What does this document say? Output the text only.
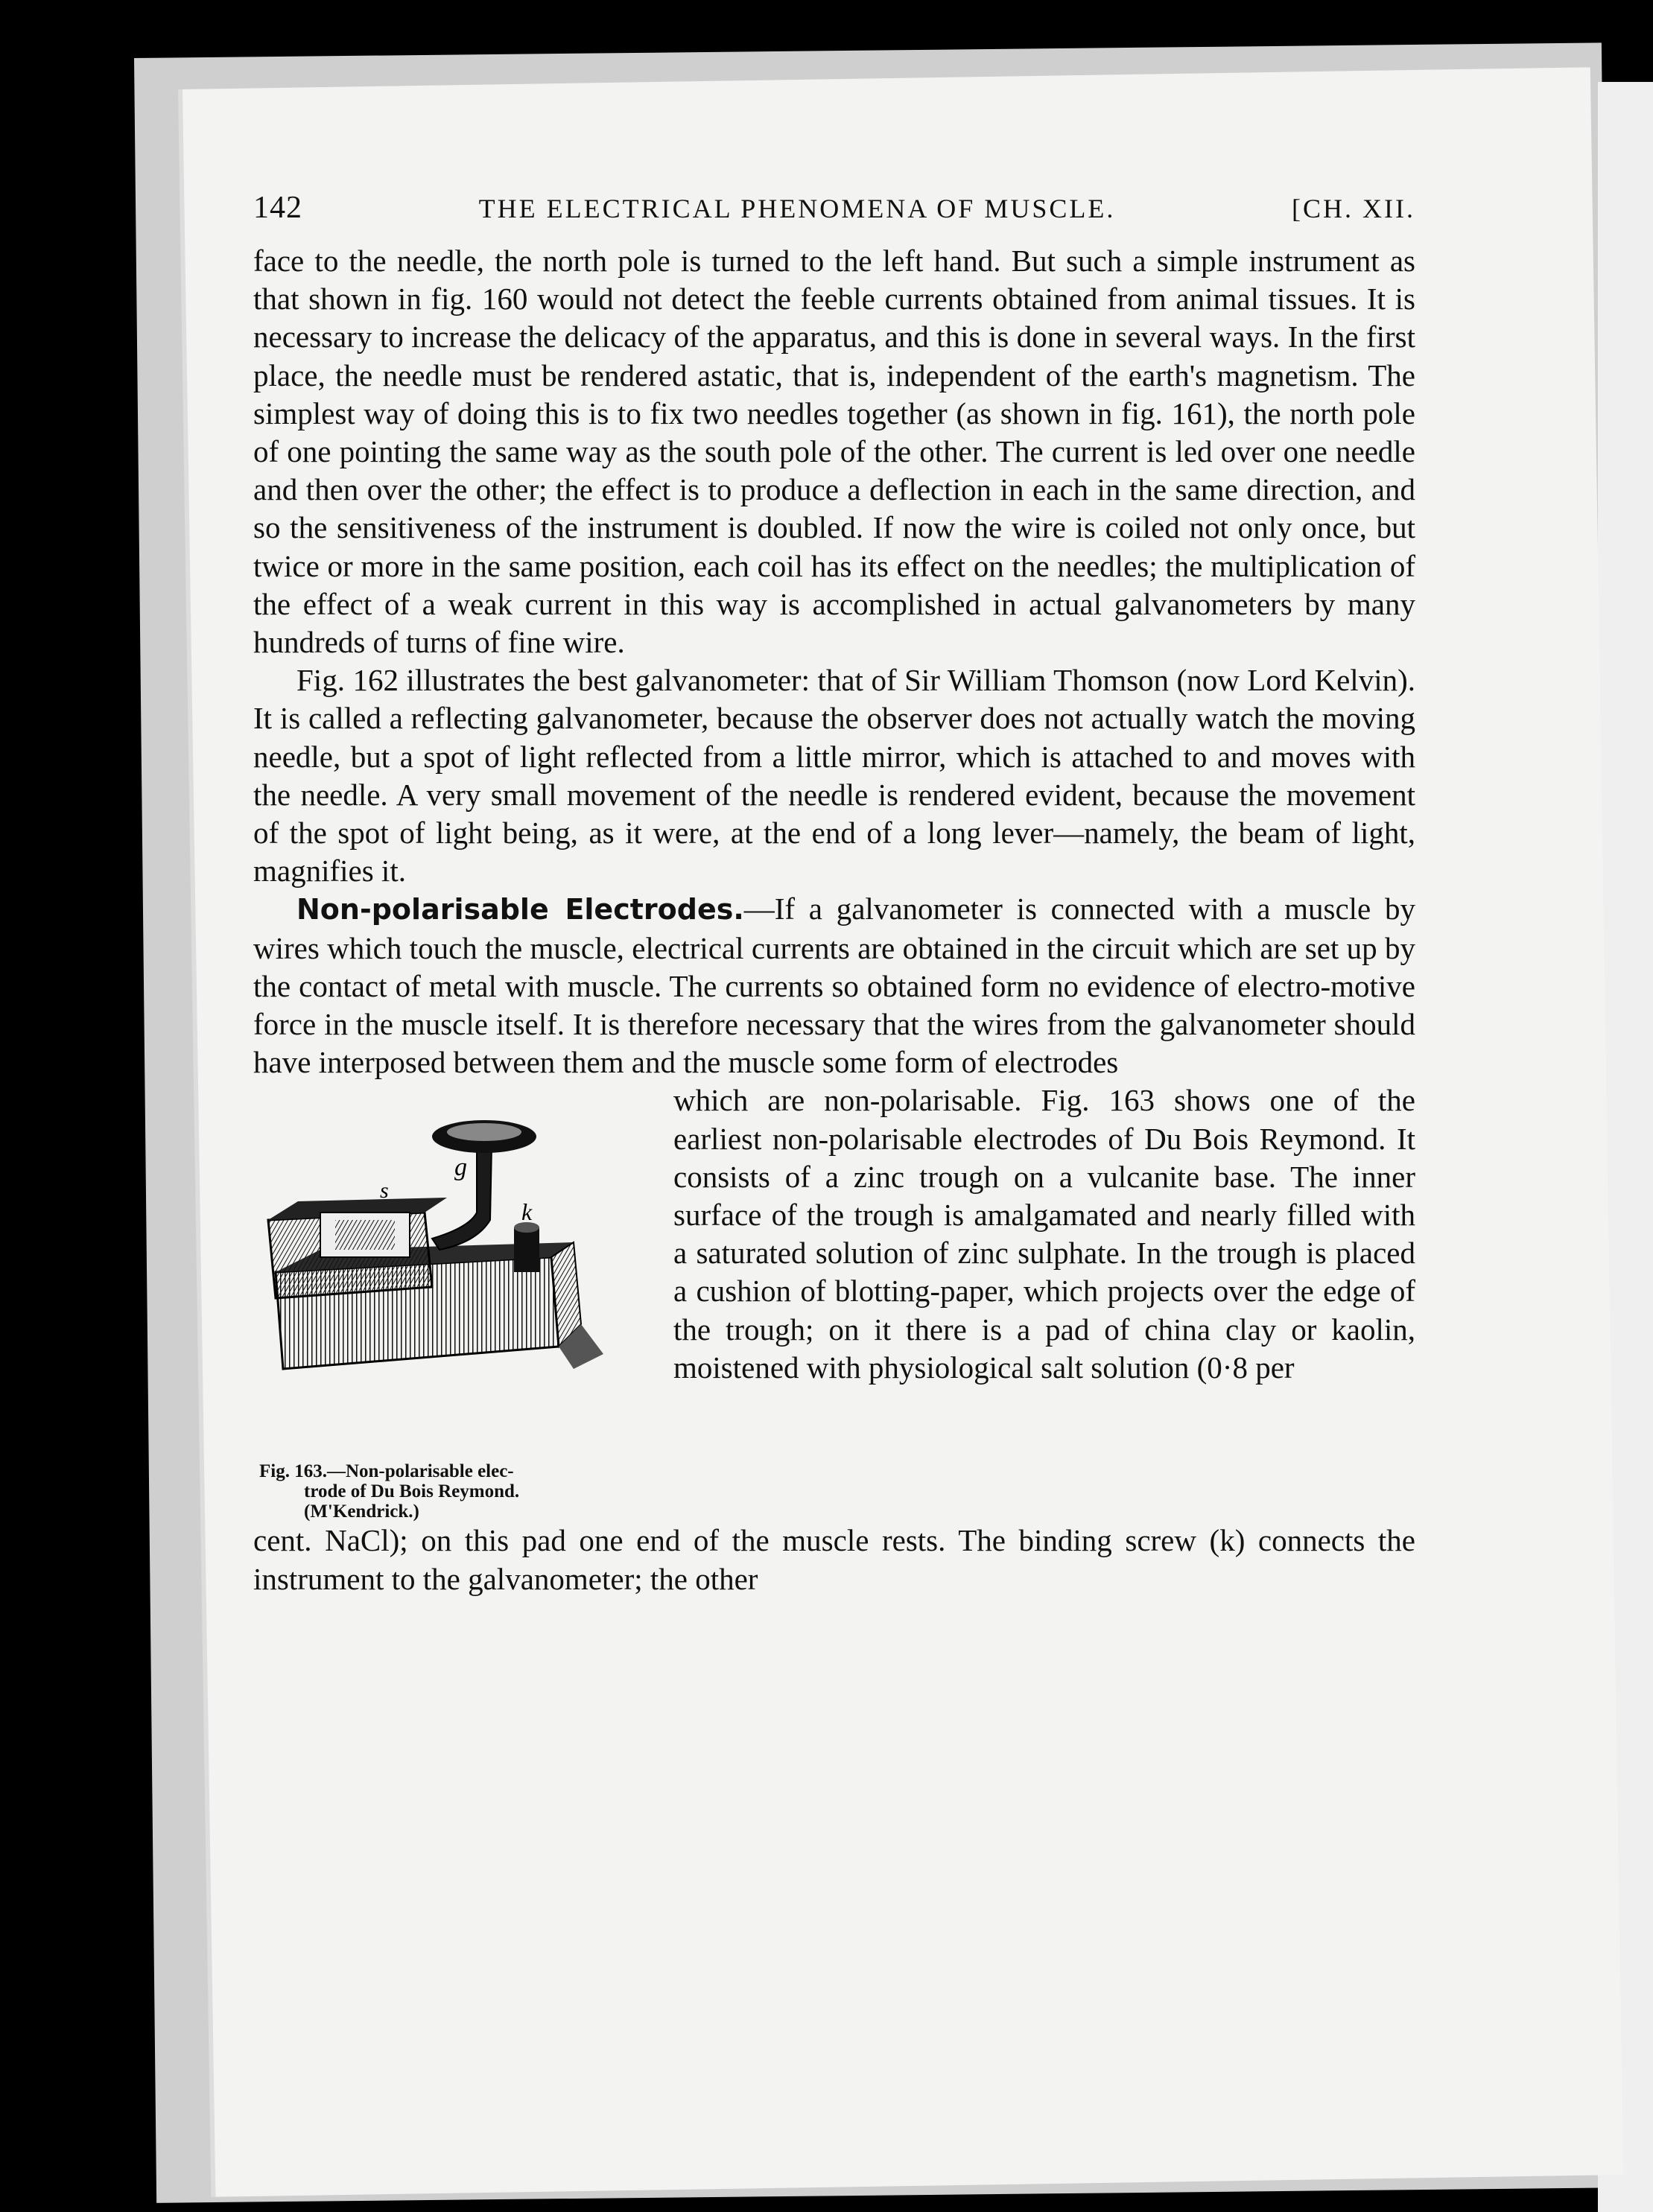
142	THE ELECTRICAL PHENOMENA OF MUSCLE.	[CH. XII.

face to the needle, the north pole is turned to the left hand. But such a simple instrument as that shown in fig. 160 would not detect the feeble currents obtained from animal tissues. It is necessary to increase the delicacy of the apparatus, and this is done in several ways. In the first place, the needle must be rendered astatic, that is, independent of the earth's magnetism. The simplest way of doing this is to fix two needles together (as shown in fig. 161), the north pole of one pointing the same way as the south pole of the other. The current is led over one needle and then over the other; the effect is to produce a deflection in each in the same direction, and so the sensitiveness of the instrument is doubled. If now the wire is coiled not only once, but twice or more in the same position, each coil has its effect on the needles; the multiplication of the effect of a weak current in this way is accomplished in actual galvanometers by many hundreds of turns of fine wire.

Fig. 162 illustrates the best galvanometer: that of Sir William Thomson (now Lord Kelvin). It is called a reflecting galvanometer, because the observer does not actually watch the moving needle, but a spot of light reflected from a little mirror, which is attached to and moves with the needle. A very small movement of the needle is rendered evident, because the movement of the spot of light being, as it were, at the end of a long lever—namely, the beam of light, magnifies it.

Non-polarisable Electrodes.—If a galvanometer is connected with a muscle by wires which touch the muscle, electrical currents are obtained in the circuit which are set up by the contact of metal with muscle. The currents so obtained form no evidence of electro-motive force in the muscle itself. It is therefore necessary that the wires from the galvanometer should have interposed between them and the muscle some form of electrodes

g
s
k
Fig. 163.—Non-polarisable elec-

trode of Du Bois Reymond.
(M'Kendrick.)
which are non-polarisable. Fig. 163 shows one of the earliest non-polarisable electrodes of Du Bois Reymond. It consists of a zinc trough on a vulcanite base. The inner surface of the trough is amalgamated and nearly filled with a saturated solution of zinc sulphate. In the trough is placed a cushion of blotting-paper, which projects over the edge of the trough; on it there is a pad of china clay or kaolin, moistened with physiological salt solution (0·8 per
cent. NaCl); on this pad one end of the muscle rests. The binding screw (k) connects the instrument to the galvanometer; the other
